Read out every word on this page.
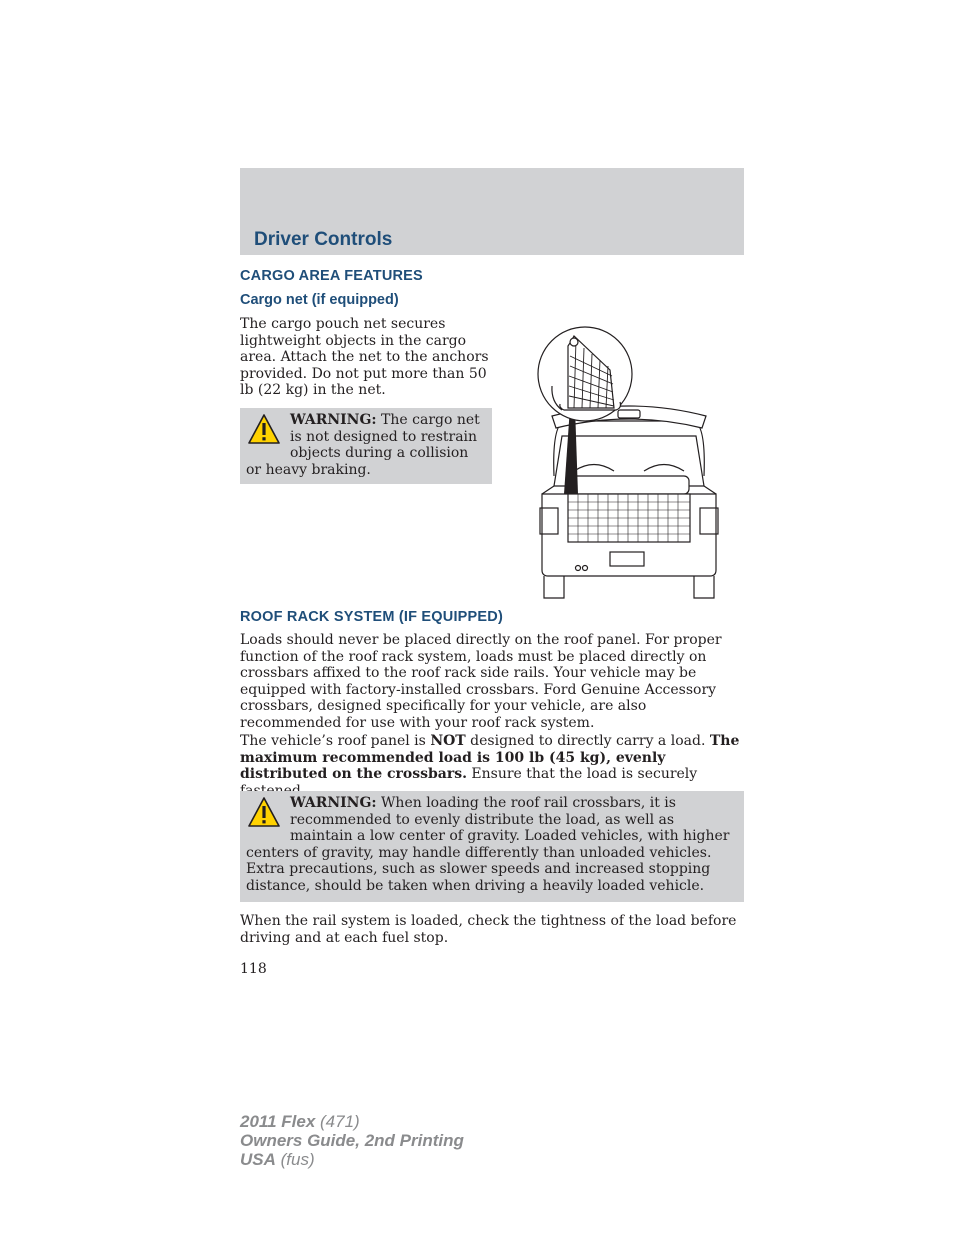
Driver Controls
CARGO AREA FEATURES
Cargo net (if equipped)

The cargo pouch net secures lightweight objects in the cargo area. Attach the net to the anchors provided. Do not put more than 50 lb (22 kg) in the net.

WARNING: The cargo net is not designed to restrain objects during a collision or heavy braking.
ROOF RACK SYSTEM (IF EQUIPPED)

Loads should never be placed directly on the roof panel. For proper function of the roof rack system, loads must be placed directly on crossbars affixed to the roof rack side rails. Your vehicle may be equipped with factory-installed crossbars. Ford Genuine Accessory crossbars, designed specifically for your vehicle, are also recommended for use with your roof rack system.

The vehicle’s roof panel is NOT designed to directly carry a load. The maximum recommended load is 100 lb (45 kg), evenly distributed on the crossbars. Ensure that the load is securely

WARNING: When loading the roof rail crossbars, it is recommended to evenly distribute the load, as well as maintain a low center of gravity. Loaded vehicles, with higher centers of gravity, may handle differently than unloaded vehicles. Extra precautions, such as slower speeds and increased stopping distance, should be taken when driving a heavily loaded vehicle.

When the rail system is loaded, check the tightness of the load before driving and at each fuel stop.

118
2011 Flex (471)
Owners Guide, 2nd Printing
USA (fus)
